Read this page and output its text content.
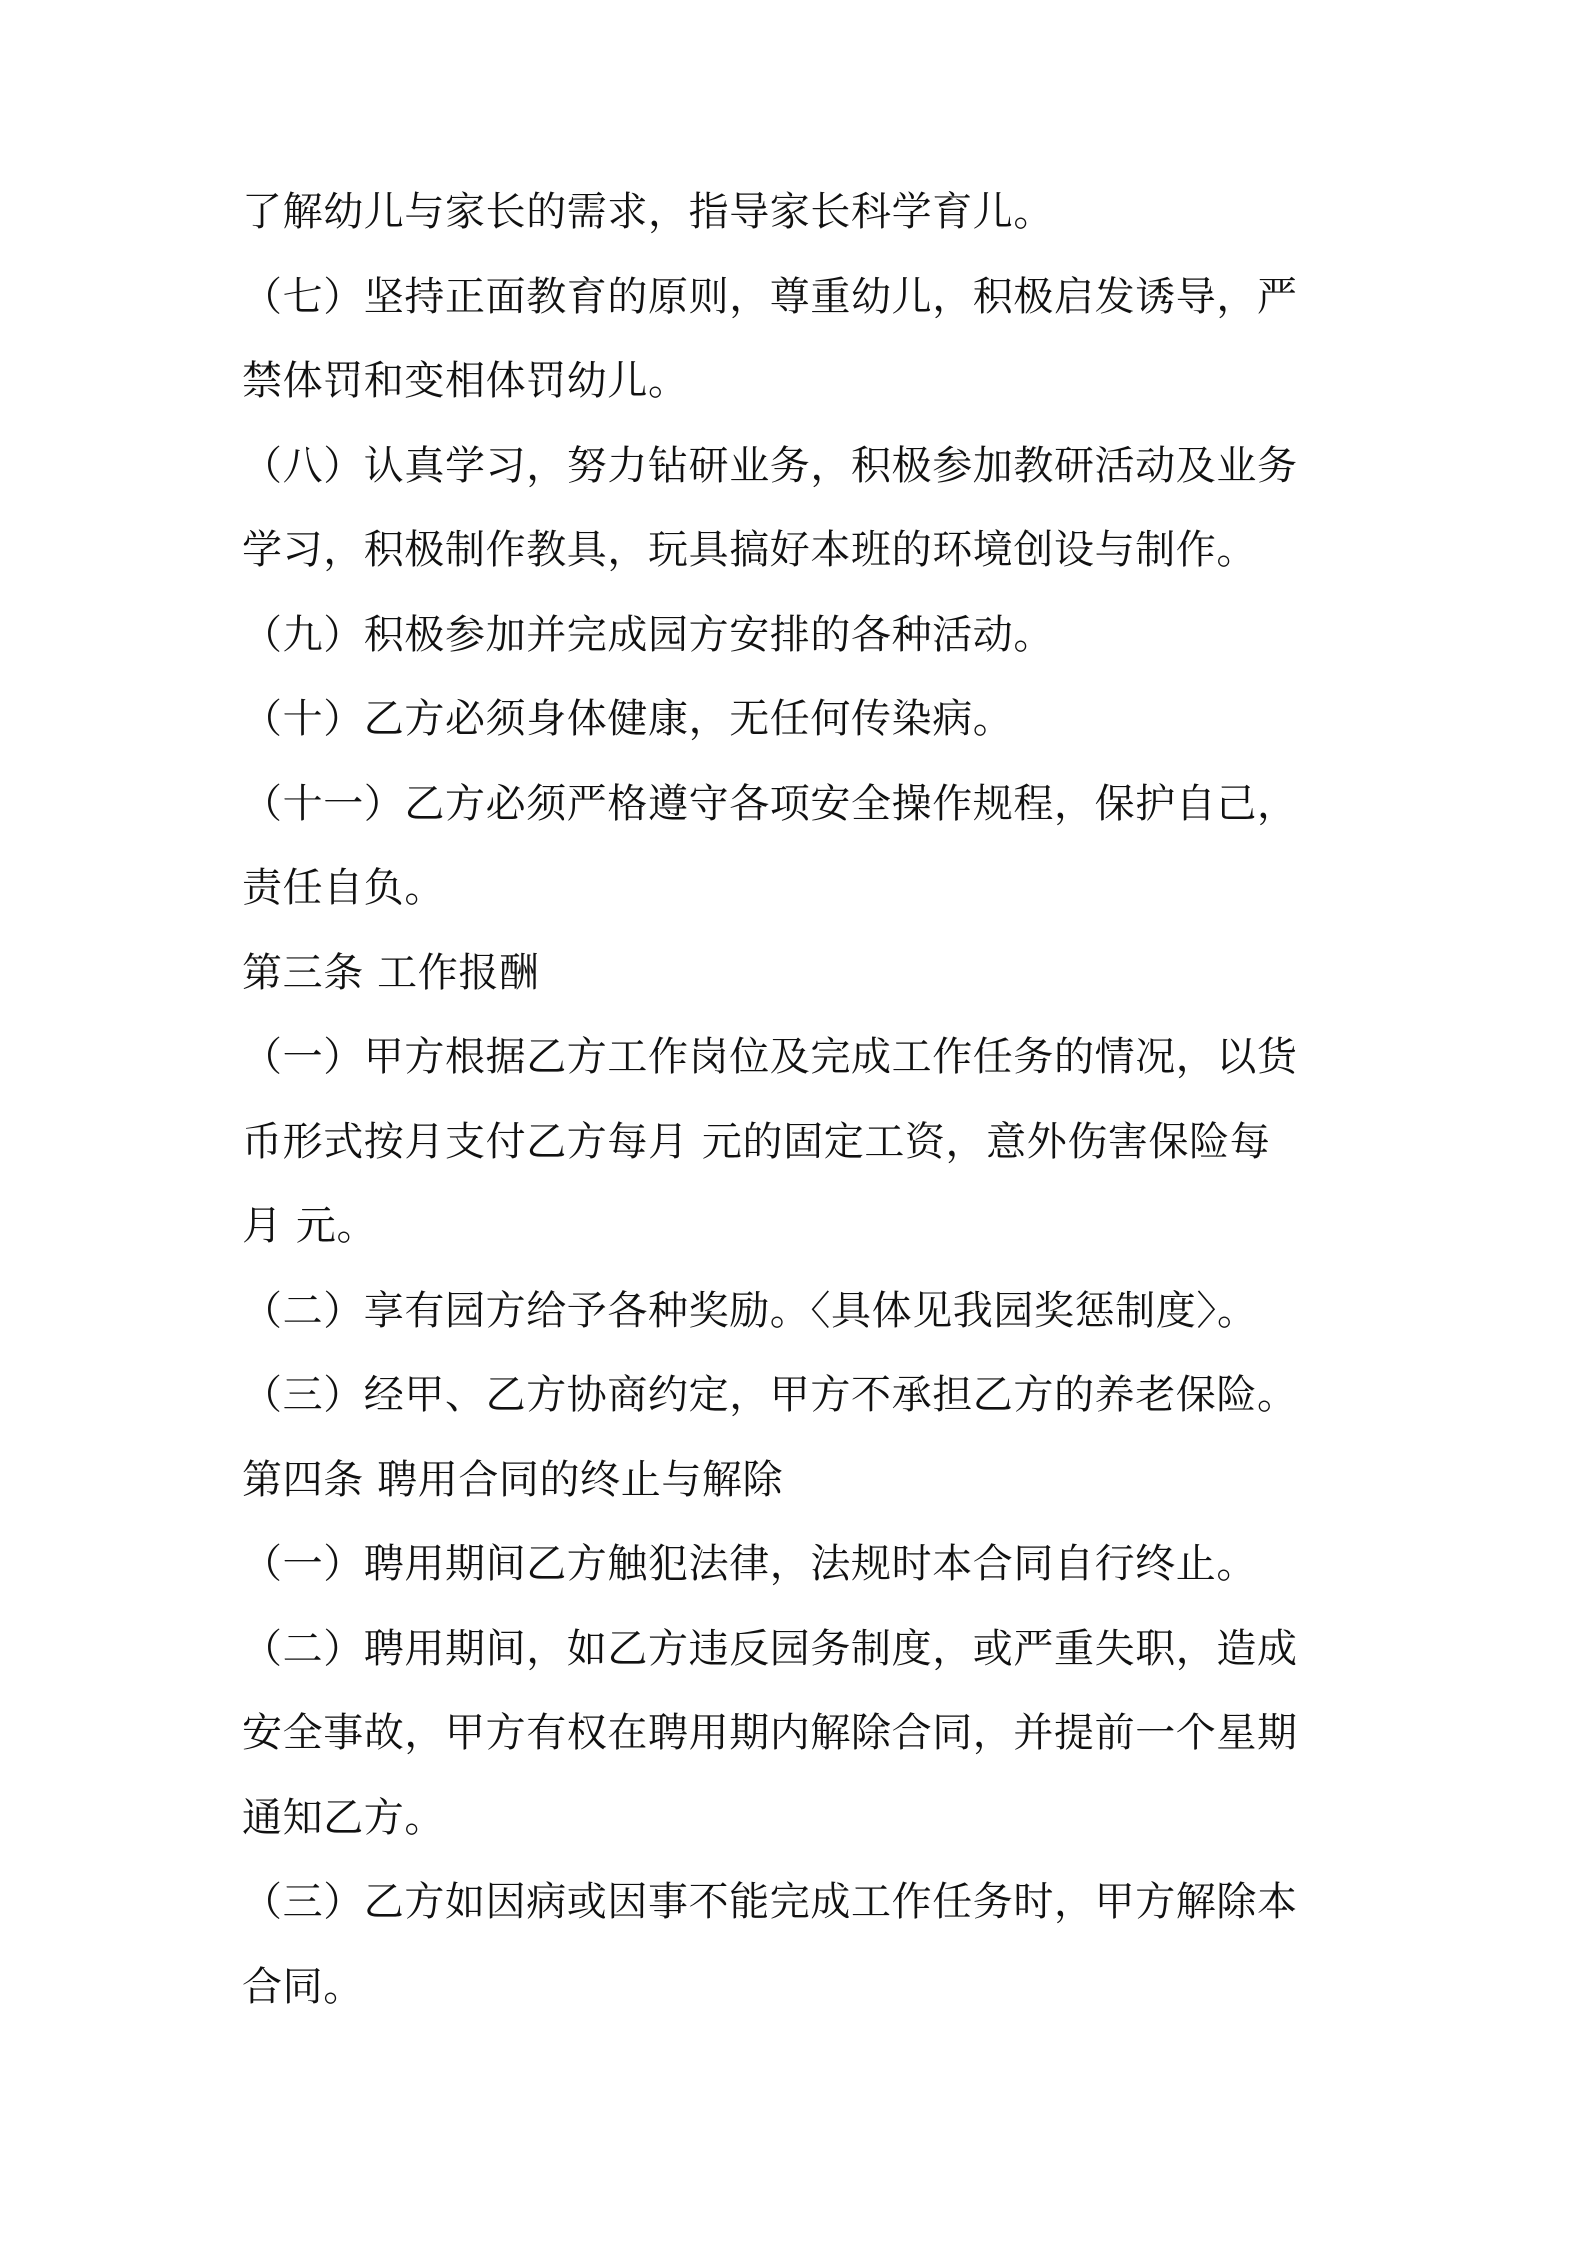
了解幼儿与家长的需求，指导家长科学育儿。
（七）坚持正面教育的原则，尊重幼儿，积极启发诱导，严
禁体罚和变相体罚幼儿。
（八）认真学习，努力钻研业务，积极参加教研活动及业务
学习，积极制作教具，玩具搞好本班的环境创设与制作。
（九）积极参加并完成园方安排的各种活动。
（十）乙方必须身体健康，无任何传染病。
（十一）乙方必须严格遵守各项安全操作规程，保护自己，
责任自负。
第三条 工作报酬
（一）甲方根据乙方工作岗位及完成工作任务的情况，以货
币形式按月支付乙方每月 元的固定工资，意外伤害保险每
月 元。
（二）享有园方给予各种奖励。〈具体见我园奖惩制度〉。
（三）经甲、乙方协商约定，甲方不承担乙方的养老保险。
第四条 聘用合同的终止与解除
（一）聘用期间乙方触犯法律，法规时本合同自行终止。
（二）聘用期间，如乙方违反园务制度，或严重失职，造成
安全事故，甲方有权在聘用期内解除合同，并提前一个星期
通知乙方。
（三）乙方如因病或因事不能完成工作任务时，甲方解除本
合同。
